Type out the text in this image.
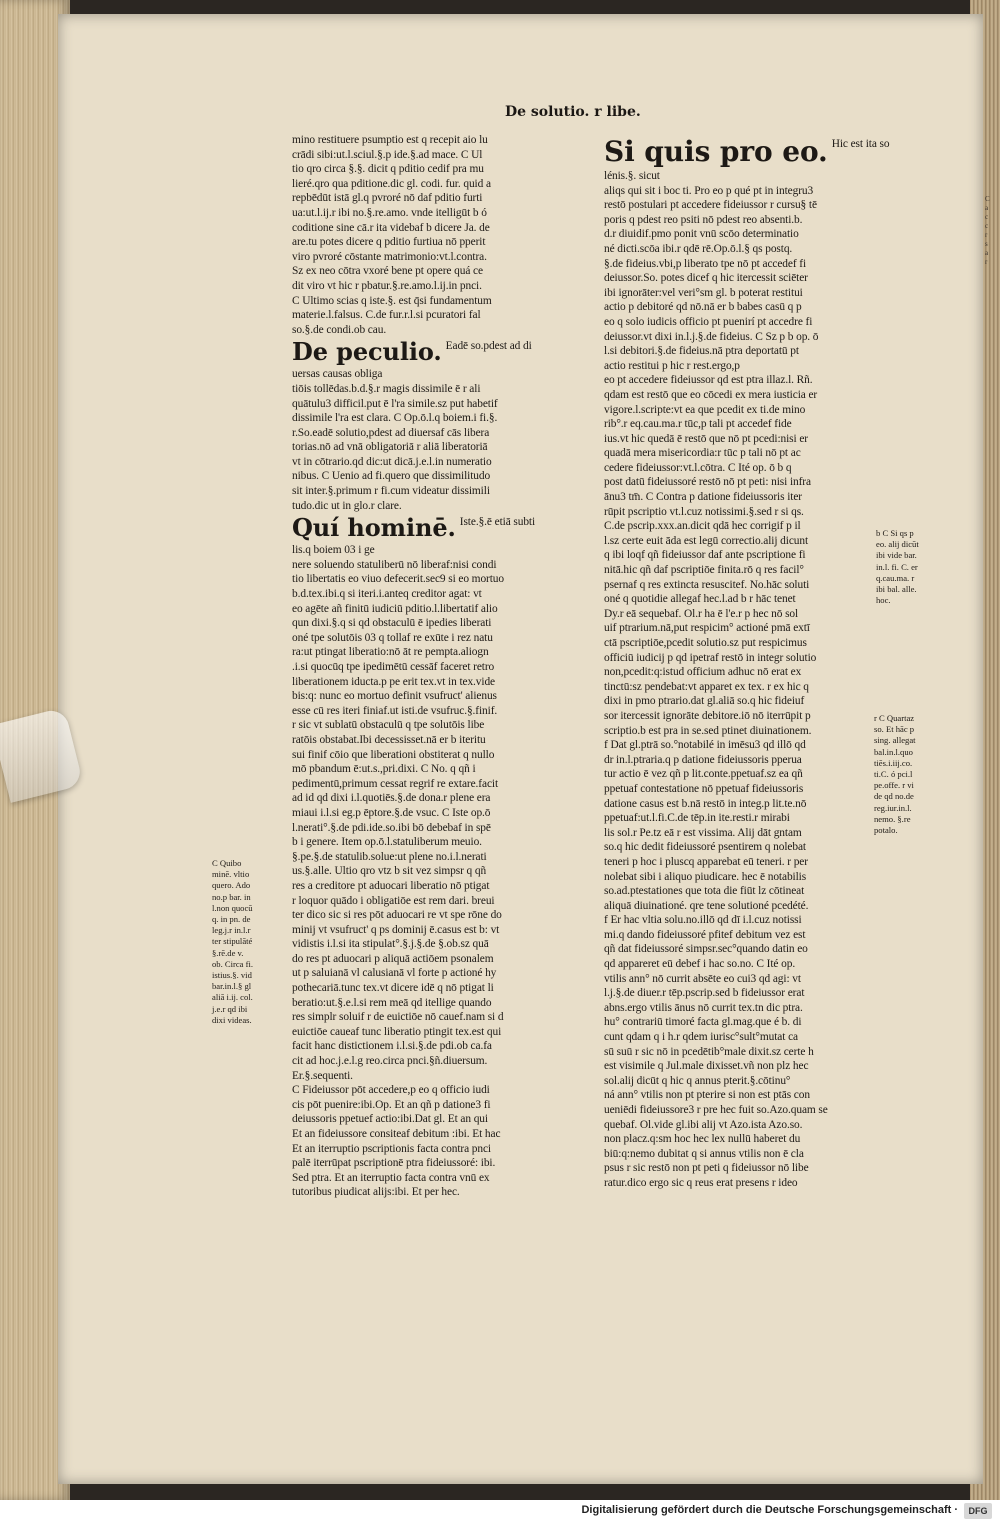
De solutio. r libe.

mino restituere psumptio est q recepit aio lu

crādi sibi:ut.l.sciul.§.p ide.§.ad mace. C Ul

tio qro circa §.§. dicit q pditio cedif pra mu

lieré.qro qua pditione.dic gl. codi. fur. quid a

repbēdūt istā gl.q pvroré nō daf pditio furti

ua:ut.l.ij.r ibi no.§.re.amo. vnde itelligūt b ó

coditione sine cā.r ita videbaf b dicere Ja. de

are.tu potes dicere q pditio furtiua nō pperit

viro pvroré cōstante matrimonio:vt.l.contra.

Sz ex neo cōtra vxoré bene pt opere quá ce

dit viro vt hic r pbatur.§.re.amo.l.ij.in pnci.

C Ultimo scias q iste.§. est q̄si fundamentum

materie.l.falsus. C.de fur.r.l.si pcuratori fal

so.§.de condi.ob cau.

De peculio. Eadē so.pdest ad di

uersas causas obliga

tiōis tollēdas.b.d.§.r magis dissimile ē r ali

quātulu3 difficil.put ē l'ra simile.sz put habetif

dissimile l'ra est clara. C Op.ō.l.q boiem.i fi.§.

r.So.eadē solutio,pdest ad diuersaf cās libera

torias.nō ad vnā obligatoriā r aliā liberatoriā

vt in cōtrario.qd dic:ut dicā.j.e.l.in numeratio

nibus. C Uenio ad fi.quero que dissimilitudo

sit inter.§.primum r fi.cum videatur dissimili

tudo.dic ut in glo.r clare.

Quí hominē. Iste.§.ē etiā subti

lis.q boiem 03 i ge

nere soluendo statuliberū nō liberaf:nisi condi

tio libertatis eo viuo defecerit.sec9 si eo mortuo

b.d.tex.ibi.q si iteri.i.anteq creditor agat: vt

eo agēte añ finitū iudiciū pditio.l.libertatif alio

qun dixi.§.q si qd obstaculū ē ipedies liberati

oné tpe solutōis 03 q tollaf re exūte i rez natu

ra:ut ptingat liberatio:nō āt re pempta.aliogn

.i.si quocūq tpe ipedimētū cessāf faceret retro

liberationem iducta.p pe erit tex.vt in tex.vide

bis:q: nunc eo mortuo definit vsufruct' alienus

esse cū res iteri finiaf.ut isti.de vsufruc.§.finif.

r sic vt sublatū obstaculū q tpe solutōis libe

ratōis obstabat.Ibi decessisset.nā er b iteritu

sui finif cōio que liberationi obstiterat q nullo

mō pbandum ē:ut.s.,pri.dixi. C No. q qñ i

pedimentū,primum cessat regrif re extare.facit

ad id qd dixi i.l.quotiēs.§.de dona.r plene era

miaui i.l.si eg.p ēptore.§.de vsuc. C Iste op.ō

l.nerati°.§.de pdi.ide.so.ibi bō debebaf in spē

b i genere. Item op.ō.l.statuliberum meuio.

§.pe.§.de statulib.solue:ut plene no.i.l.nerati

us.§.alle. Ultio qro vtz b sit vez simpsr q qñ

res a creditore pt aduocari liberatio nō ptigat

r loquor quādo i obligatiōe est rem dari. breui

ter dico sic si res pōt aduocari re vt spe rōne do

minij vt vsufruct' q ps dominij ē.casus est b: vt

vidistis i.l.si ita stipulat°.§.j.§.de §.ob.sz quā

do res pt aduocari p aliquā actiōem psonalem

ut p saluianā vl calusianā vl forte p actioné hy

pothecariā.tunc tex.vt dicere idē q nō ptigat li

beratio:ut.§.e.l.si rem meā qd itellige quando

res simplr soluif r de euictiōe nō cauef.nam si d

euictiōe caueaf tunc liberatio ptingit tex.est qui

facit hanc distictionem i.l.si.§.de pdi.ob ca.fa

cit ad hoc.j.e.l.g reo.circa pnci.§ñ.diuersum.

Er.§.sequenti.

C Fideiussor pōt accedere,p eo q officio iudi

cis pōt puenire:ibi.Op. Et an qñ p datione3 fi

deiussoris ppetuef actio:ibi.Dat gl. Et an qui

Et an fideiussore consiteaf debitum :ibi. Et hac

Et an iterruptio pscriptionis facta contra pnci

palē iterrūpat pscriptionē ptra fideiussoré: ibi.

Sed ptra. Et an iterruptio facta contra vnū ex

tutoribus piudicat alijs:ibi. Et per hec.

Si quis pro eo. Hic est ita so

lénis.§. sicut

aliqs qui sit i boc ti. Pro eo p qué pt in integru3

restō postulari pt accedere fideiussor r cursu§ tē

poris q pdest reo psiti nō pdest reo absenti.b.

d.r diuidif.pmo ponit vnū scōo determinatio

né dicti.scōa ibi.r qdē rē.Op.ō.l.§ qs postq.

§.de fideius.vbi,p liberato tpe nō pt accedef fi

deiussor.So. potes dicef q hic itercessit sciēter

ibi ignorāter:vel veri°sm gl. b poterat restitui

actio p debitoré qd nō.nā er b babes casū q p

eo q solo iudicis officio pt puenirí pt accedre fi

deiussor.vt dixi in.l.j.§.de fideius. C Sz p b op. ō

l.si debitori.§.de fideius.nā ptra deportatū pt

actio restitui p hic r rest.ergo,p

eo pt accedere fideiussor qd est ptra illaz.l. Rñ.

qdam est restō que eo cōcedi ex mera iusticia er

vigore.l.scripte:vt ea que pcedit ex ti.de mino

rib°.r eq.cau.ma.r tūc,p tali pt accedef fide

ius.vt hic quedā ē restō que nō pt pcedi:nisi er

quadā mera misericordia:r tūc p tali nō pt ac

cedere fideiussor:vt.l.cōtra. C Ité op. ō b q

post datū fideiussoré restō nō pt peti: nisi infra

ānu3 tm̄. C Contra p datione fideiussoris iter

rūpit pscriptio vt.l.cuz notissimi.§.sed r si qs.

C.de pscrip.xxx.an.dicit qdā hec corrigif p il

l.sz certe euit āda est legū correctio.alij dicunt

q ibi loqf qñ fideiussor daf ante pscriptione fi

nitā.hic qñ daf pscriptiōe finita.rō q res facil°

psernaf q res extincta resuscitef. No.hāc soluti

oné q quotidie allegaf hec.l.ad b r hāc tenet

Dy.r eā sequebaf. Ol.r ha ē l'e.r p hec nō sol

uif ptrarium.nā,put respicim° actioné pmā extī

ctā pscriptiōe,pcedit solutio.sz put respicimus

officiū iudicij p qd ipetraf restō in integr solutio

non,pcedit:q:istud officium adhuc nō erat ex

tinctū:sz pendebat:vt apparet ex tex. r ex hic q

dixi in pmo ptrario.dat gl.aliā so.q hic fideiuf

sor itercessit ignorāte debitore.iō nō iterrūpit p

scriptio.b est pra in se.sed ptinet diuinationem.

f Dat gl.ptrā so.°notabilé in imēsu3 qd illō qd

dr in.l.ptraria.q p datione fideiussoris pperua

tur actio ē vez qñ p lit.conte.ppetuaf.sz ea qñ

ppetuaf contestatione nō ppetuaf fideiussoris

datione casus est b.nā restō in integ.p lit.te.nō

ppetuaf:ut.l.fi.C.de tēp.in ite.resti.r mirabi

lis sol.r Pe.tz eā r est vissima. Alij dāt gntam

so.q hic dedit fideiussoré psentirem q nolebat

teneri p hoc i pluscq apparebat eū teneri. r per

nolebat sibi i aliquo piudicare. hec ē notabilis

so.ad.ptestationes que tota die fiūt lz cōtineat

aliquā diuinationé. qre tene solutioné pcedété.

f Er hac vltia solu.no.illō qd dī i.l.cuz notissi

mi.q dando fideiussoré pfitef debitum vez est

qñ dat fideiussoré simpsr.sec°quando datin eo

qd appareret eū debef i hac so.no. C Ité op.

vtilis ann° nō currit absēte eo cui3 qd agi: vt

l.j.§.de diuer.r tēp.pscrip.sed b fideiussor erat

abns.ergo vtilis ānus nō currit tex.tn dic ptra.

hu° contrariū timoré facta gl.mag.que é b. di

cunt qdam q i h.r qdem iurisc°sult°mutat ca

sū suū r sic nō in pcedētib°male dixit.sz certe h

est visimile q Jul.male dixisset.vñ non plz hec

sol.alij dicūt q hic q annus pterit.§.cōtinu°

ná ann° vtilis non pt pterire si non est ptās con

ueniēdi fideiussore3 r pre hec fuit so.Azo.quam se

quebaf. Ol.vide gl.ibi alij vt Azo.ista Azo.so.

non placz.q:sm hoc hec lex nullū haberet du

biū:q:nemo dubitat q si annus vtilis non ē cla

psus r sic restō non pt peti q fideiussor nō libe

ratur.dico ergo sic q reus erat presens r ideo

C Quibo

minē. vltio

quero. Ado

no.p bar. in

l.non quocū

q. in pn. de

leg.j.r in.l.r

ter stipulāté

§.rē.de v.

ob. Circa fi.

istius.§. vid

bar.in.l.§ gl

aliā i.ij. col.

j.e.r qd ibi

dixi videas.

b C Si qs p

eo. alij dicūt

ibi vide bar.

in.l. fi. C. er

q.cau.ma. r

ibi bal. alle.

hoc.

r C Quartaz

so. Et hāc p

sing. allegat

bal.in.l.quo

tiēs.i.iij.co.

ti.C. ó pci.l

pe.offe. r vi

de qd no.de

reg.iur.in.l.

nemo. §.re

potalo.

C

a

c

c

r

s

a

r

Digitalisierung gefördert durch die Deutsche Forschungsgemeinschaft ·	DFG
